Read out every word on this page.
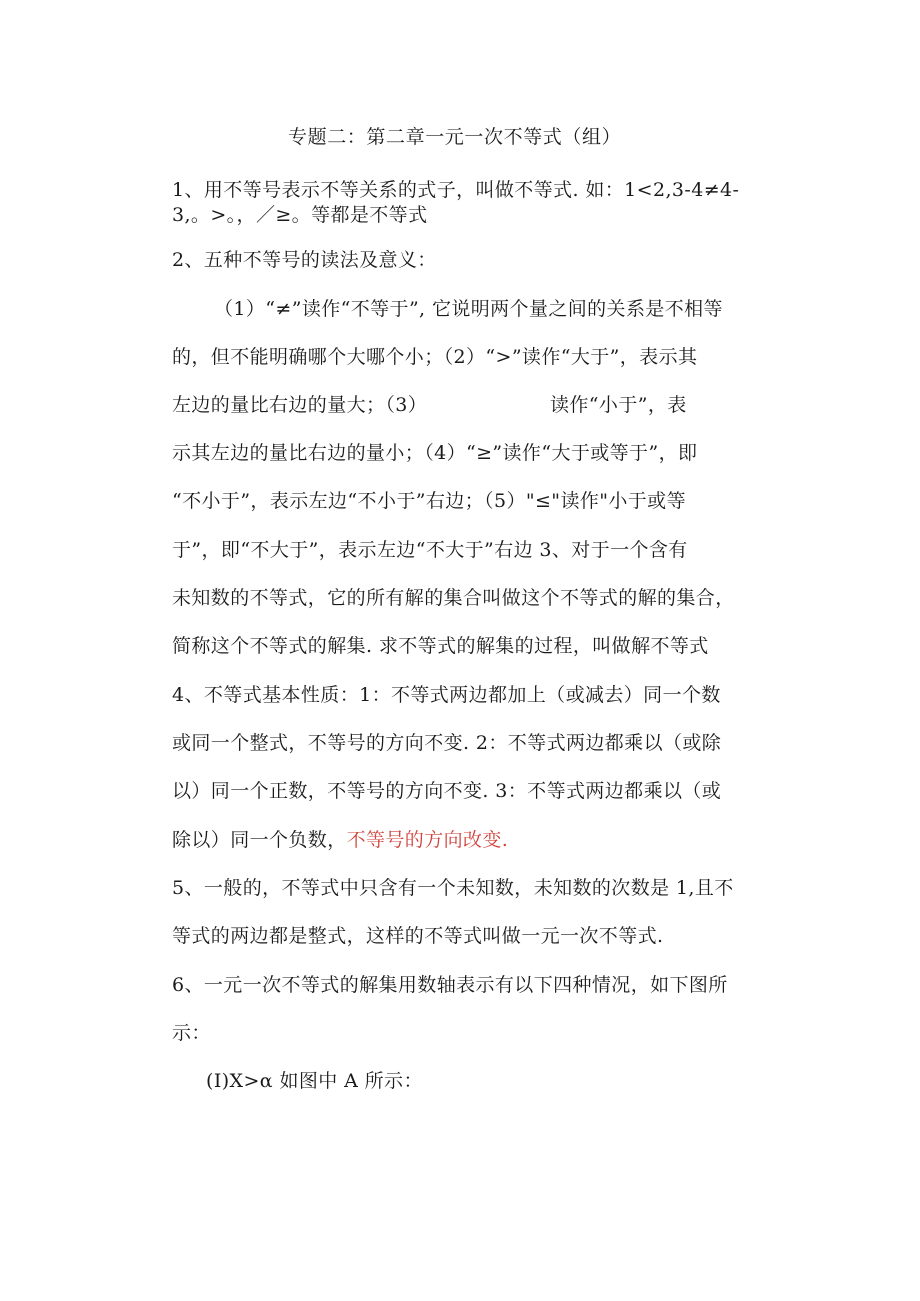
专题二：第二章一元一次不等式（组）
1、用不等号表示不等关系的式子，叫做不等式. 如：1<2,3-4≠4-
3,。>。，／≥。等都是不等式
2、五种不等号的读法及意义：
（1）“≠”读作“不等于”, 它说明两个量之间的关系是不相等
的，但不能明确哪个大哪个小；（2）“>”读作“大于”，表示其
左边的量比右边的量大；（3）	读作“小于”，表
示其左边的量比右边的量小；（4）“≥”读作“大于或等于”，即
“不小于”，表示左边“不小于”右边；（5）"≤"读作"小于或等
于”，即“不大于”，表示左边“不大于”右边 3、对于一个含有
未知数的不等式，它的所有解的集合叫做这个不等式的解的集合，
简称这个不等式的解集. 求不等式的解集的过程，叫做解不等式
4、不等式基本性质：1：不等式两边都加上（或减去）同一个数
或同一个整式，不等号的方向不变. 2：不等式两边都乘以（或除
以）同一个正数，不等号的方向不变. 3：不等式两边都乘以（或
除以）同一个负数，不等号的方向改变.
5、一般的，不等式中只含有一个未知数，未知数的次数是 1,且不
等式的两边都是整式，这样的不等式叫做一元一次不等式.
6、一元一次不等式的解集用数轴表示有以下四种情况，如下图所
示：
(I)X>α 如图中 A 所示：
